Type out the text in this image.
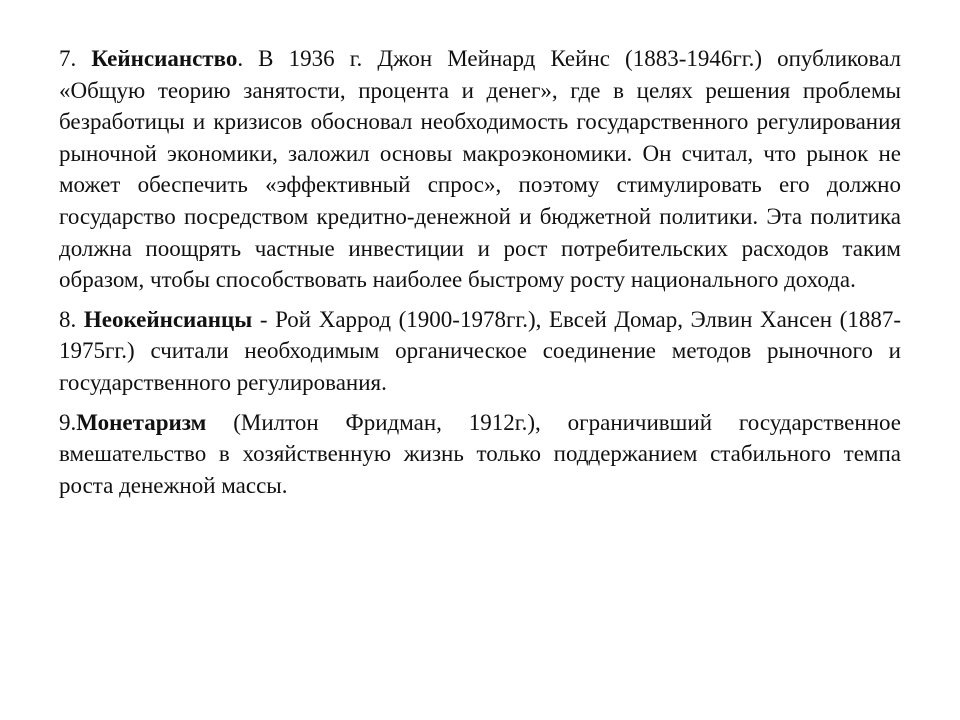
7. Кейнсианство. В 1936 г. Джон Мейнард Кейнс (1883-1946гг.) опубликовал «Общую теорию занятости, процента и денег», где в целях решения проблемы безработицы и кризисов обосновал необходимость государственного регулирования рыночной экономики, заложил основы макроэкономики. Он считал, что рынок не может обеспечить «эффективный спрос», поэтому стимулировать его должно государство посредством кредитно-денежной и бюджетной политики. Эта политика должна поощрять частные инвестиции и рост потребительских расходов таким образом, чтобы способствовать наиболее быстрому росту национального дохода.

8. Неокейнсианцы - Рой Харрод (1900-1978гг.), Евсей Домар, Элвин Хансен (1887-1975гг.) считали необходимым органическое соединение методов рыночного и государственного регулирования.

9.Монетаризм (Милтон Фридман, 1912г.), ограничивший государственное вмешательство в хозяйственную жизнь только поддержанием стабильного темпа роста денежной массы.
